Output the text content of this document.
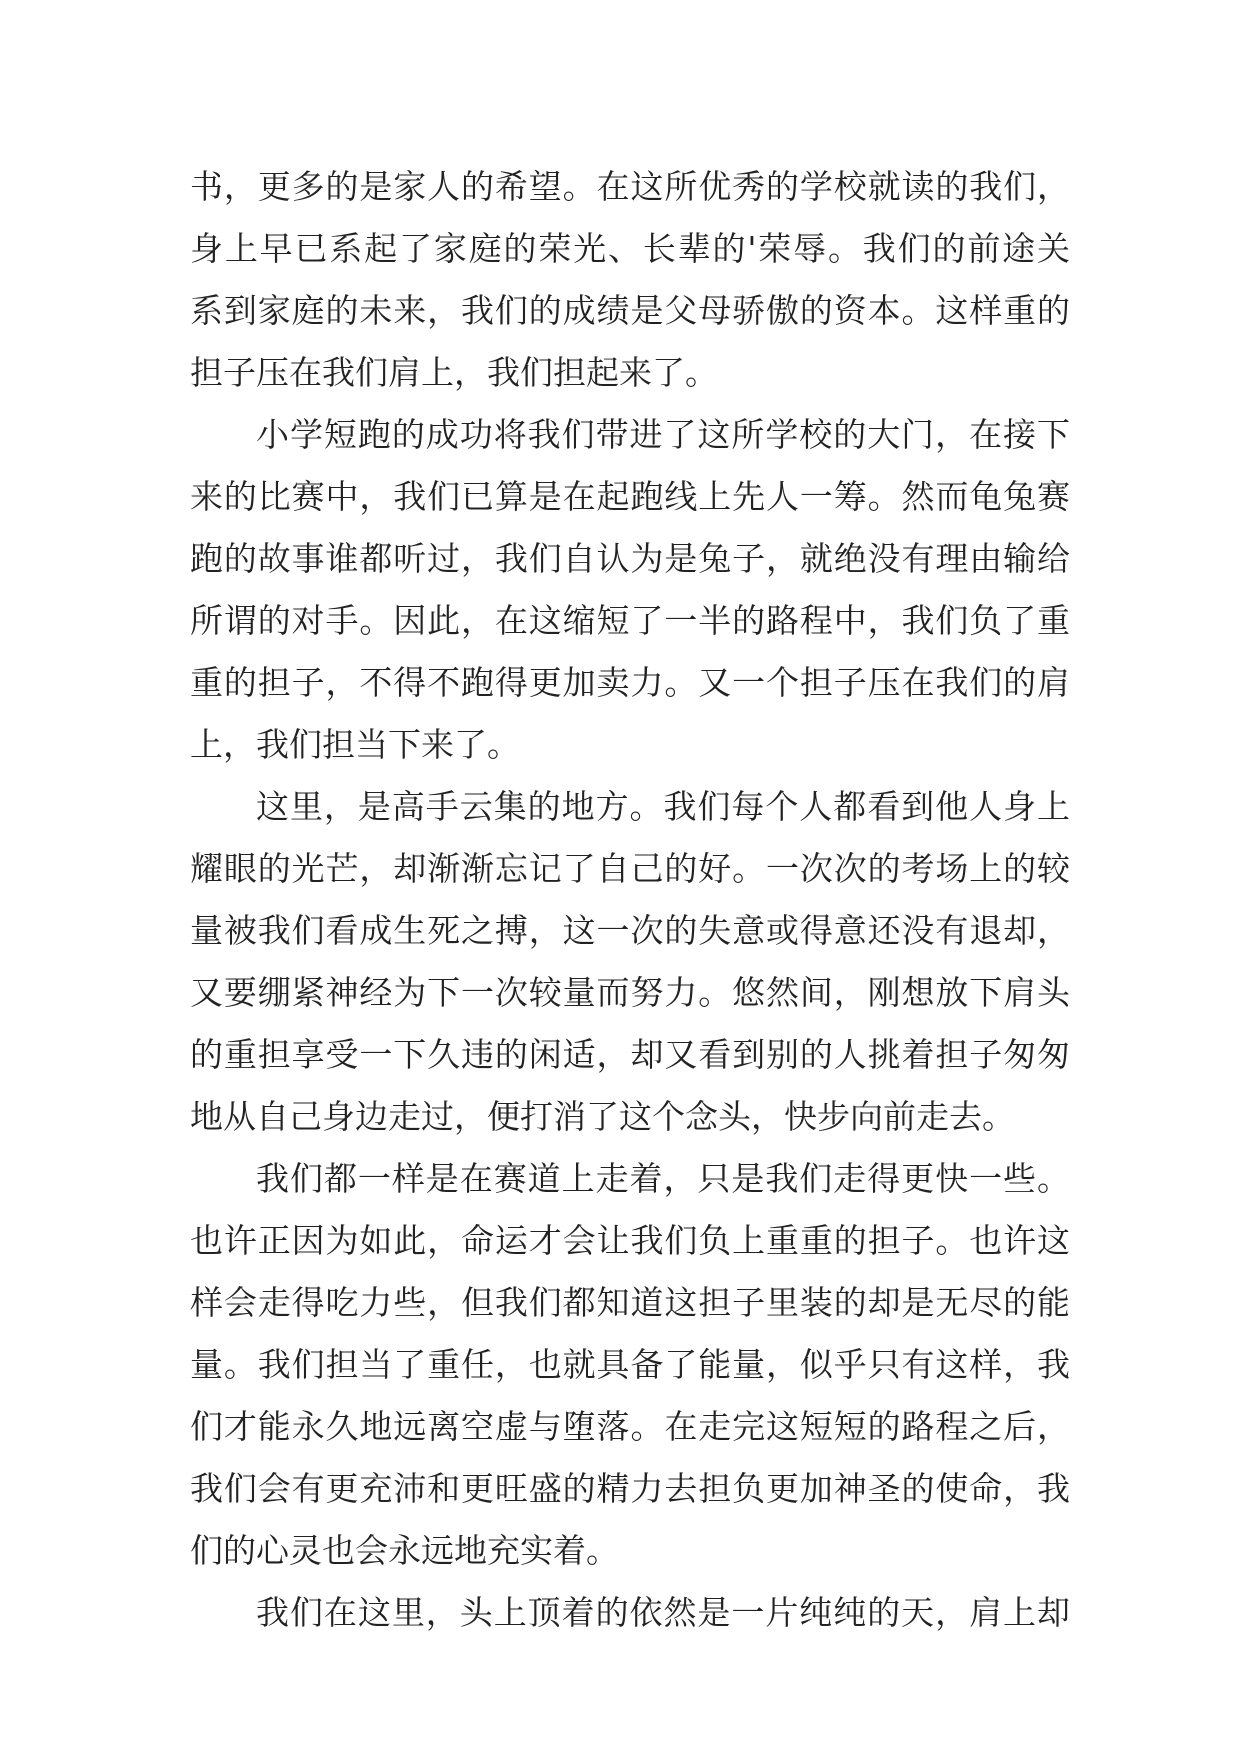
书，更多的是家人的希望。在这所优秀的学校就读的我们，
身上早已系起了家庭的荣光、长辈的'荣辱。我们的前途关
系到家庭的未来，我们的成绩是父母骄傲的资本。这样重的
担子压在我们肩上，我们担起来了。
小学短跑的成功将我们带进了这所学校的大门，在接下
来的比赛中，我们已算是在起跑线上先人一筹。然而龟兔赛
跑的故事谁都听过，我们自认为是兔子，就绝没有理由输给
所谓的对手。因此，在这缩短了一半的路程中，我们负了重
重的担子，不得不跑得更加卖力。又一个担子压在我们的肩
上，我们担当下来了。
这里，是高手云集的地方。我们每个人都看到他人身上
耀眼的光芒，却渐渐忘记了自己的好。一次次的考场上的较
量被我们看成生死之搏，这一次的失意或得意还没有退却，
又要绷紧神经为下一次较量而努力。悠然间，刚想放下肩头
的重担享受一下久违的闲适，却又看到别的人挑着担子匆匆
地从自己身边走过，便打消了这个念头，快步向前走去。
我们都一样是在赛道上走着，只是我们走得更快一些。
也许正因为如此，命运才会让我们负上重重的担子。也许这
样会走得吃力些，但我们都知道这担子里装的却是无尽的能
量。我们担当了重任，也就具备了能量，似乎只有这样，我
们才能永久地远离空虚与堕落。在走完这短短的路程之后，
我们会有更充沛和更旺盛的精力去担负更加神圣的使命，我
们的心灵也会永远地充实着。
我们在这里，头上顶着的依然是一片纯纯的天，肩上却
